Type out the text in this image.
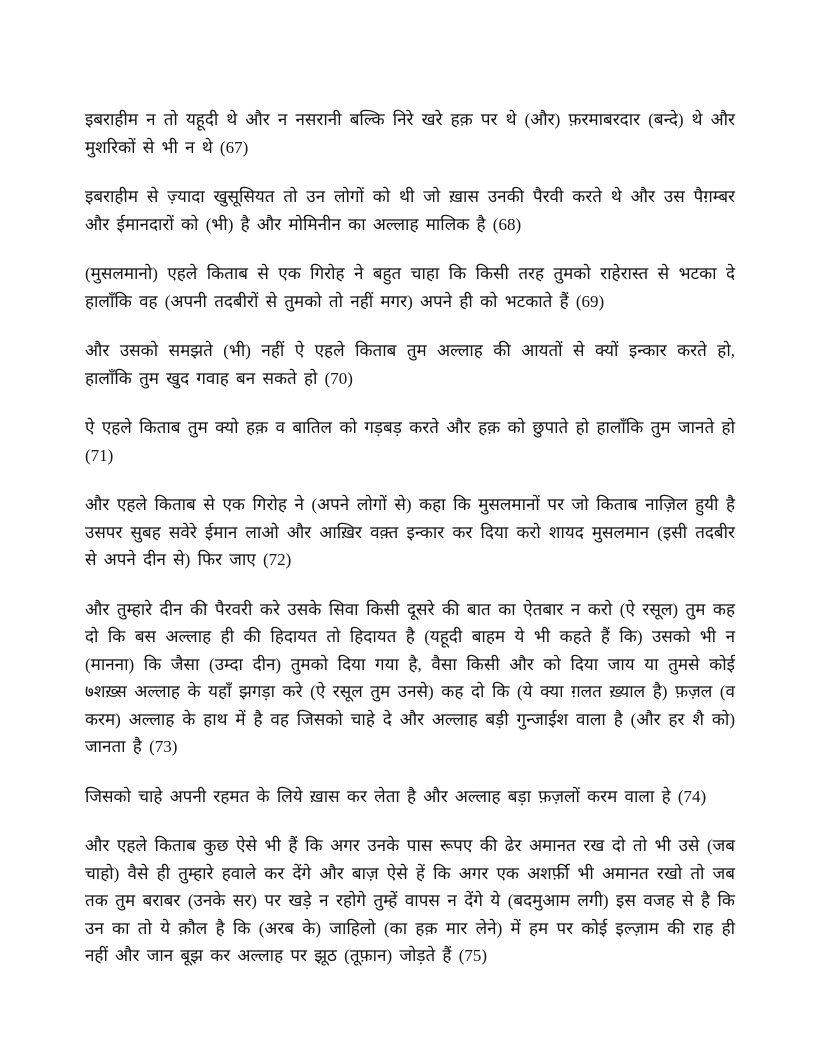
इबराहीम न तो यहूदी थे और न नसरानी बल्कि निरे खरे हक़ पर थे (और) फ़रमाबरदार (बन्दे) थे और मुशरिकों से भी न थे (67)

इबराहीम से ज़्यादा खुसूसियत तो उन लोगों को थी जो ख़ास उनकी पैरवी करते थे और उस पैग़म्बर और ईमानदारों को (भी) है और मोमिनीन का अल्लाह मालिक है (68)

(मुसलमानो) एहले किताब से एक गिरोह ने बहुत चाहा कि किसी तरह तुमको राहेरास्त से भटका दे हालाँकि वह (अपनी तदबीरों से तुमको तो नहीं मगर) अपने ही को भटकाते हैं (69)

और उसको समझते (भी) नहीं ऐ एहले किताब तुम अल्लाह की आयतों से क्यों इन्कार करते हो, हालाँकि तुम खुद गवाह बन सकते हो (70)

ऐ एहले किताब तुम क्यो हक़ व बातिल को गड़बड़ करते और हक़ को छुपाते हो हालाँकि तुम जानते हो (71)

और एहले किताब से एक गिरोह ने (अपने लोगों से) कहा कि मुसलमानों पर जो किताब नाज़िल हुयी है उसपर सुबह सवेरे ईमान लाओ और आख़िर वक़्त इन्कार कर दिया करो शायद मुसलमान (इसी तदबीर से अपने दीन से) फिर जाए (72)

और तुम्हारे दीन की पैरवरी करे उसके सिवा किसी दूसरे की बात का ऐतबार न करो (ऐ रसूल) तुम कह दो कि बस अल्लाह ही की हिदायत तो हिदायत है (यहूदी बाहम ये भी कहते हैं कि) उसको भी न (मानना) कि जैसा (उम्दा दीन) तुमको दिया गया है, वैसा किसी और को दिया जाय या तुमसे कोई ७शख़्स अल्लाह के यहाँ झगड़ा करे (ऐ रसूल तुम उनसे) कह दो कि (ये क्या ग़लत ख़्याल है) फ़ज़ल (व करम) अल्लाह के हाथ में है वह जिसको चाहे दे और अल्लाह बड़ी गुन्जाईश वाला है (और हर शै को) जानता है (73)

जिसको चाहे अपनी रहमत के लिये ख़ास कर लेता है और अल्लाह बड़ा फ़ज़लों करम वाला हे (74)

और एहले किताब कुछ ऐसे भी हैं कि अगर उनके पास रूपए की ढेर अमानत रख दो तो भी उसे (जब चाहो) वैसे ही तुम्हारे हवाले कर देंगे और बाज़ ऐसे हें कि अगर एक अशर्फ़ी भी अमानत रखो तो जब तक तुम बराबर (उनके सर) पर खड़े न रहोगे तुम्हें वापस न देंगे ये (बदमुआम लगी) इस वजह से है कि उन का तो ये क़ौल है कि (अरब के) जाहिलो (का हक़ मार लेने) में हम पर कोई इल्ज़ाम की राह ही नहीं और जान बूझ कर अल्लाह पर झूठ (तूफ़ान) जोड़ते हैं (75)
